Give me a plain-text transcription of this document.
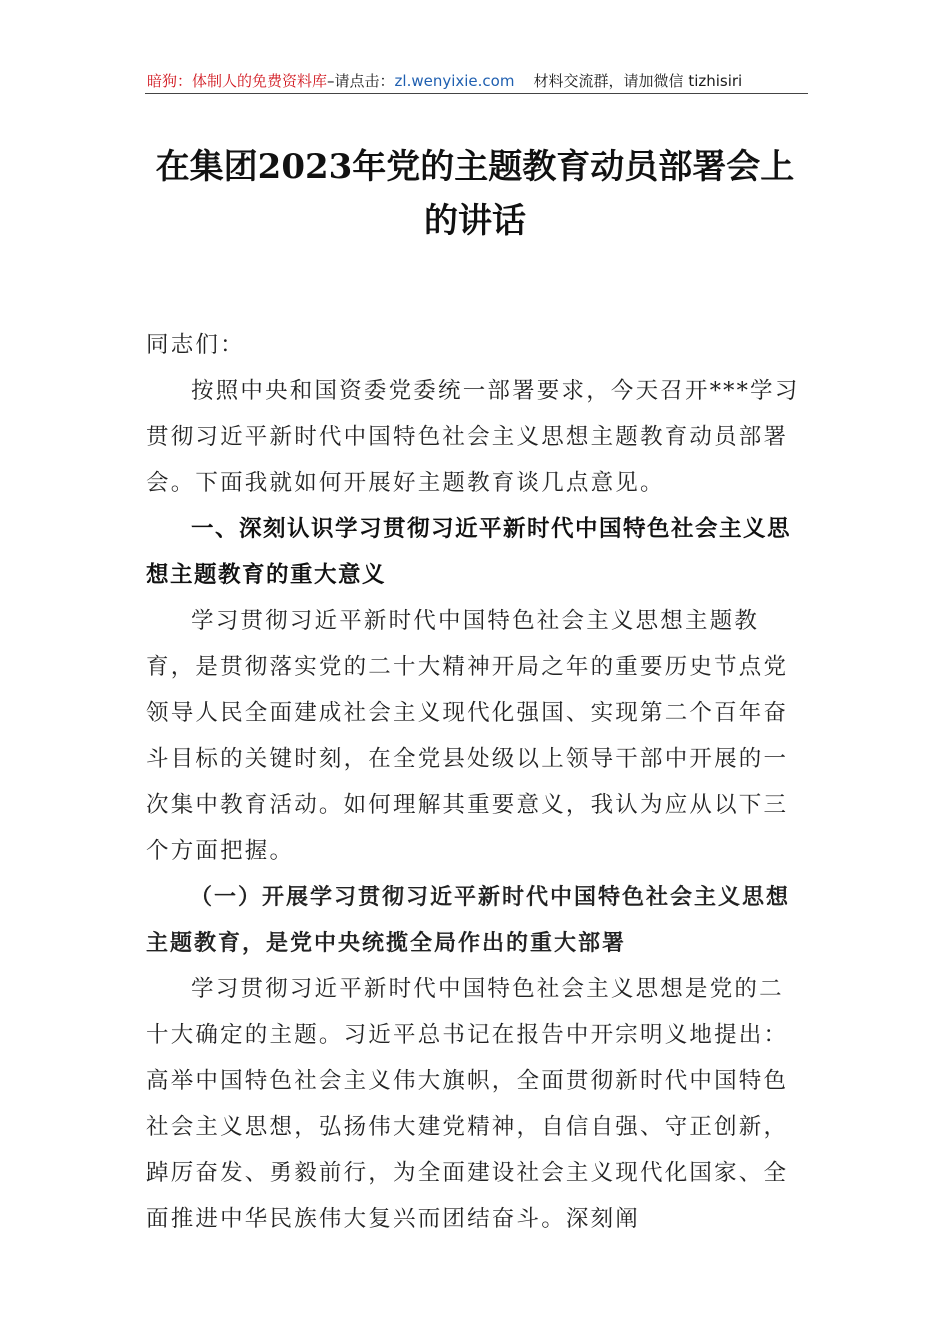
暗狗：体制人的免费资料库–请点击：zl.wenyixie.com 材料交流群，请加微信 tizhisiri
在集团2023年党的主题教育动员部署会上
的讲话

同志们：

按照中央和国资委党委统一部署要求，今天召开***学习贯彻习近平新时代中国特色社会主义思想主题教育动员部署会。下面我就如何开展好主题教育谈几点意见。

一、深刻认识学习贯彻习近平新时代中国特色社会主义思想主题教育的重大意义

学习贯彻习近平新时代中国特色社会主义思想主题教育，是贯彻落实党的二十大精神开局之年的重要历史节点党领导人民全面建成社会主义现代化强国、实现第二个百年奋斗目标的关键时刻，在全党县处级以上领导干部中开展的一次集中教育活动。如何理解其重要意义，我认为应从以下三个方面把握。

（一）开展学习贯彻习近平新时代中国特色社会主义思想主题教育，是党中央统揽全局作出的重大部署

学习贯彻习近平新时代中国特色社会主义思想是党的二十大确定的主题。习近平总书记在报告中开宗明义地提出：高举中国特色社会主义伟大旗帜，全面贯彻新时代中国特色社会主义思想，弘扬伟大建党精神，自信自强、守正创新，踔厉奋发、勇毅前行，为全面建设社会主义现代化国家、全面推进中华民族伟大复兴而团结奋斗。深刻阐
